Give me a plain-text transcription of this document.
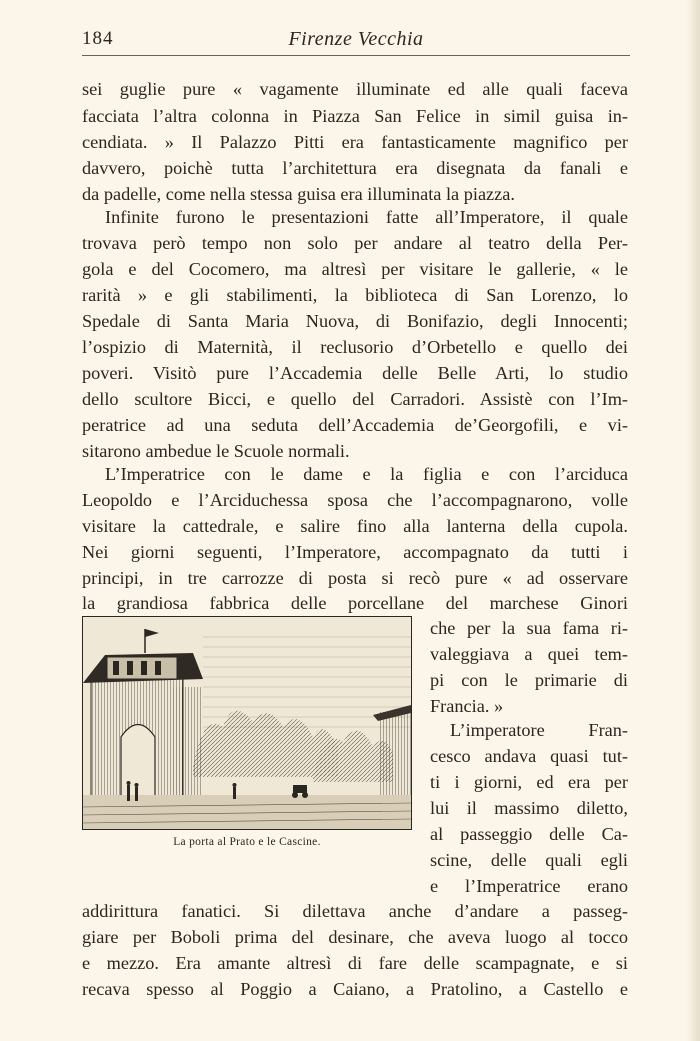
184	Firenze Vecchia
sei guglie pure « vagamente illuminate ed alle quali faceva
facciata l’altra colonna in Piazza San Felice in simil guisa in-
cendiata. » Il Palazzo Pitti era fantasticamente magnifico per
davvero, poichè tutta l’architettura era disegnata da fanali e
da padelle, come nella stessa guisa era illuminata la piazza.
Infinite furono le presentazioni fatte all’Imperatore, il quale
trovava però tempo non solo per andare al teatro della Per-
gola e del Cocomero, ma altresì per visitare le gallerie, « le
rarità » e gli stabilimenti, la biblioteca di San Lorenzo, lo
Spedale di Santa Maria Nuova, di Bonifazio, degli Innocenti;
l’ospizio di Maternità, il reclusorio d’Orbetello e quello dei
poveri. Visitò pure l’Accademia delle Belle Arti, lo studio
dello scultore Bicci, e quello del Carradori. Assistè con l’Im-
peratrice ad una seduta dell’Accademia de’Georgofili, e vi-
sitarono ambedue le Scuole normali.
L’Imperatrice con le dame e la figlia e con l’arciduca
Leopoldo e l’Arciduchessa sposa che l’accompagnarono, volle
visitare la cattedrale, e salire fino alla lanterna della cupola.
Nei giorni seguenti, l’Imperatore, accompagnato da tutti i
principi, in tre carrozze di posta si recò pure « ad osservare
la grandiosa fabbrica delle porcellane del marchese Ginori
che per la sua fama ri-
valeggiava a quei tem-
pi con le primarie di
Francia. »
L’imperatore Fran-
cesco andava quasi tut-
ti i giorni, ed era per
lui il massimo diletto,
al passeggio delle Ca-
scine, delle quali egli
e l’Imperatrice erano
addirittura fanatici. Si dilettava anche d’andare a passeg-
giare per Boboli prima del desinare, che aveva luogo al tocco
e mezzo. Era amante altresì di fare delle scampagnate, e si
recava spesso al Poggio a Caiano, a Pratolino, a Castello e
La porta al Prato e le Cascine.
